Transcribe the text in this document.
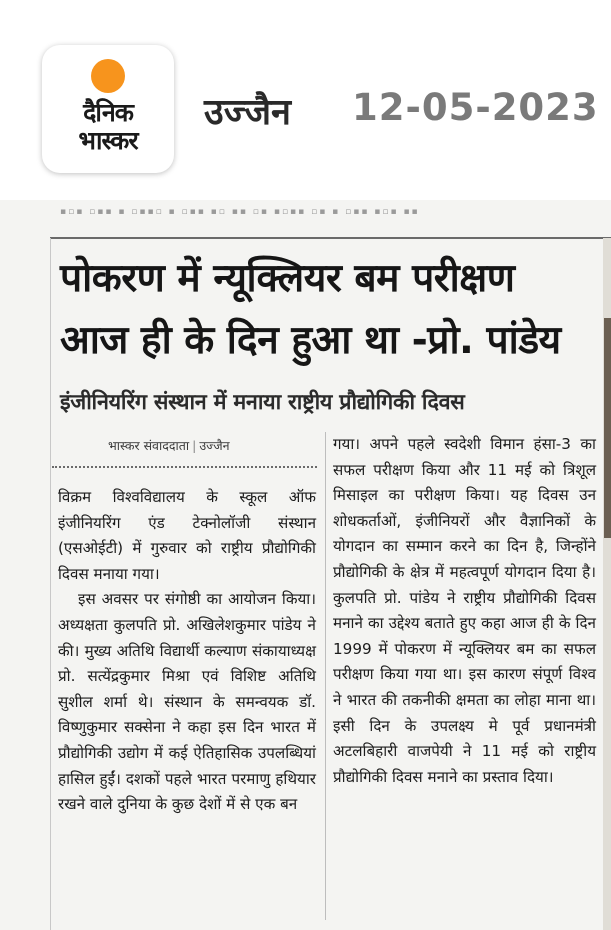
दैनिक
भास्कर
उज्जैन 12-05-2023
▪▫▪ ▫▪▪ ▪ ▫▪▪▫ ▪ ▫▪▪ ▪▫ ▪▪ ▫▪ ▪▫▪▪ ▫▪ ▪ ▫▪▪ ▪▫▪ ▪▪
पोकरण में न्यूक्लियर बम परीक्षण
आज ही के दिन हुआ था -प्रो. पांडेय
इंजीनियरिंग संस्थान में मनाया राष्ट्रीय प्रौद्योगिकी दिवस
भास्कर संवाददाता | उज्जैन

विक्रम विश्वविद्यालय के स्कूल ऑफ इंजीनियरिंग एंड टेक्नोलॉजी संस्थान (एसओईटी) में गुरुवार को राष्ट्रीय प्रौद्योगिकी दिवस मनाया गया।

इस अवसर पर संगोष्ठी का आयोजन किया। अध्यक्षता कुलपति प्रो. अखिलेशकुमार पांडेय ने की। मुख्य अतिथि विद्यार्थी कल्याण संकायाध्यक्ष प्रो. सत्येंद्रकुमार मिश्रा एवं विशिष्ट अतिथि सुशील शर्मा थे। संस्थान के समन्वयक डॉ. विष्णुकुमार सक्सेना ने कहा इस दिन भारत में प्रौद्योगिकी उद्योग में कई ऐतिहासिक उपलब्धियां हासिल हुईं। दशकों पहले भारत परमाणु हथियार रखने वाले दुनिया के कुछ देशों में से एक बन

गया। अपने पहले स्वदेशी विमान हंसा-3 का सफल परीक्षण किया और 11 मई को त्रिशूल मिसाइल का परीक्षण किया। यह दिवस उन शोधकर्ताओं, इंजीनियरों और वैज्ञानिकों के योगदान का सम्मान करने का दिन है, जिन्होंने प्रौद्योगिकी के क्षेत्र में महत्वपूर्ण योगदान दिया है। कुलपति प्रो. पांडेय ने राष्ट्रीय प्रौद्योगिकी दिवस मनाने का उद्देश्य बताते हुए कहा आज ही के दिन 1999 में पोकरण में न्यूक्लियर बम का सफल परीक्षण किया गया था। इस कारण संपूर्ण विश्व ने भारत की तकनीकी क्षमता का लोहा माना था। इसी दिन के उपलक्ष्य मे पूर्व प्रधानमंत्री अटलबिहारी वाजपेयी ने 11 मई को राष्ट्रीय प्रौद्योगिकी दिवस मनाने का प्रस्ताव दिया।
